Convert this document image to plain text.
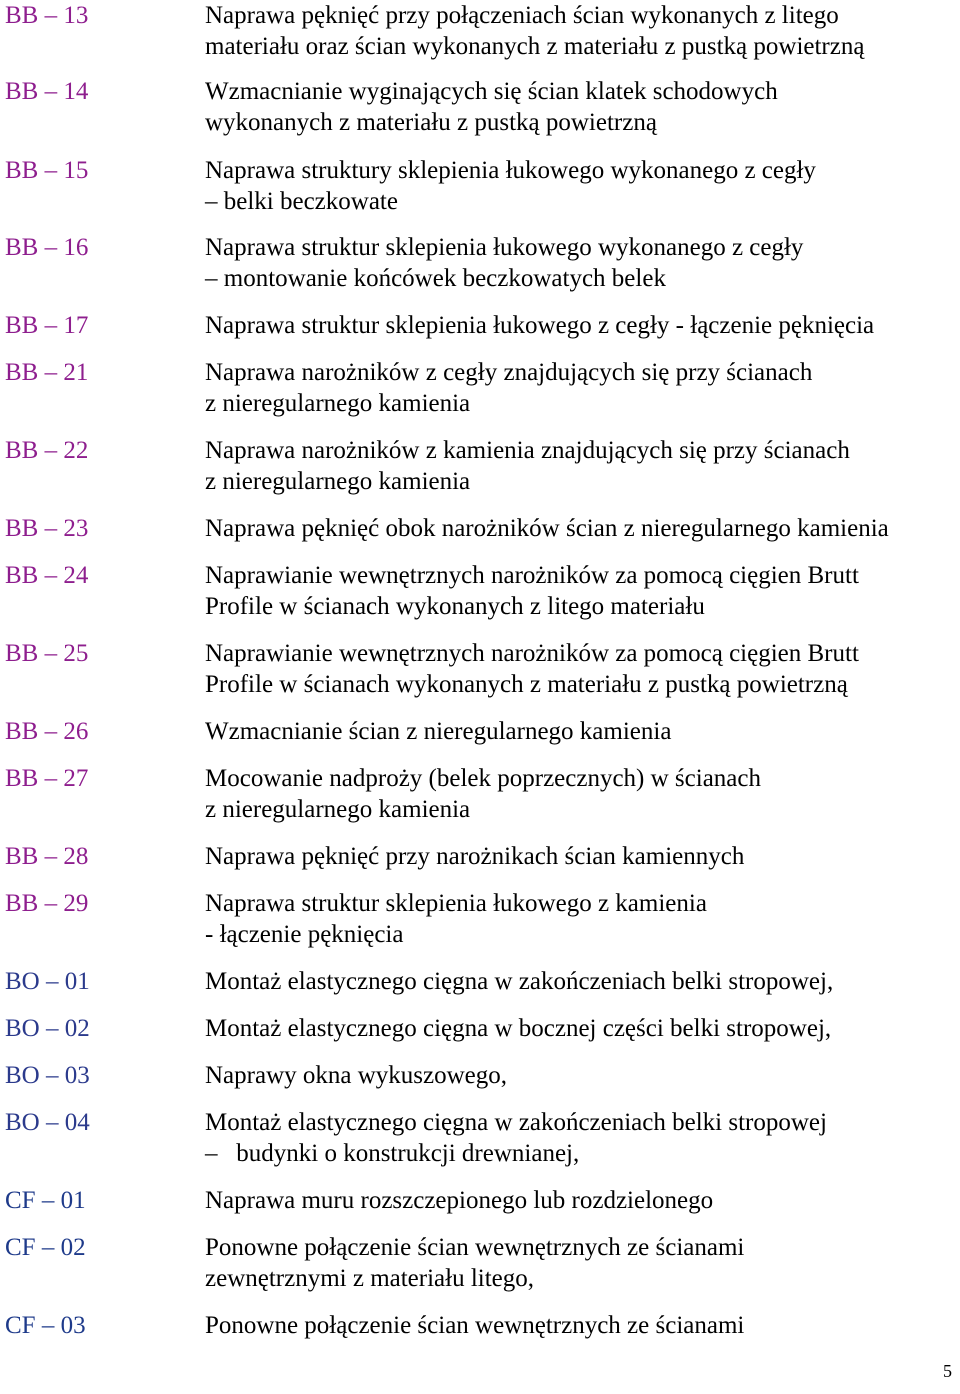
BB – 13	Naprawa pęknięć przy połączeniach ścian wykonanych z litego
materiału oraz ścian wykonanych z materiału z pustką powietrzną
BB – 14	Wzmacnianie wyginających się ścian klatek schodowych
wykonanych z materiału z pustką powietrzną
BB – 15	Naprawa struktury sklepienia łukowego wykonanego z cegły
– belki beczkowate
BB – 16	Naprawa struktur sklepienia łukowego wykonanego z cegły
– montowanie końcówek beczkowatych belek
BB – 17	Naprawa struktur sklepienia łukowego z cegły - łączenie pęknięcia
BB – 21	Naprawa narożników z cegły znajdujących się przy ścianach
z nieregularnego kamienia
BB – 22	Naprawa narożników z kamienia znajdujących się przy ścianach
z nieregularnego kamienia
BB – 23	Naprawa pęknięć obok narożników ścian z nieregularnego kamienia
BB – 24	Naprawianie wewnętrznych narożników za pomocą cięgien Brutt
Profile w ścianach wykonanych z litego materiału
BB – 25	Naprawianie wewnętrznych narożników za pomocą cięgien Brutt
Profile w ścianach wykonanych z materiału z pustką powietrzną
BB – 26	Wzmacnianie ścian z nieregularnego kamienia
BB – 27	Mocowanie nadproży (belek poprzecznych) w ścianach
z nieregularnego kamienia
BB – 28	Naprawa pęknięć przy narożnikach ścian kamiennych
BB – 29	Naprawa struktur sklepienia łukowego z kamienia
- łączenie pęknięcia
BO – 01	Montaż elastycznego cięgna w zakończeniach belki stropowej,
BO – 02	Montaż elastycznego cięgna w bocznej części belki stropowej,
BO – 03	Naprawy okna wykuszowego,
BO – 04	Montaż elastycznego cięgna w zakończeniach belki stropowej
–   budynki o konstrukcji drewnianej,
CF – 01	Naprawa muru rozszczepionego lub rozdzielonego
CF – 02	Ponowne połączenie ścian wewnętrznych ze ścianami
zewnętrznymi z materiału litego,
CF – 03	Ponowne połączenie ścian wewnętrznych ze ścianami
5
